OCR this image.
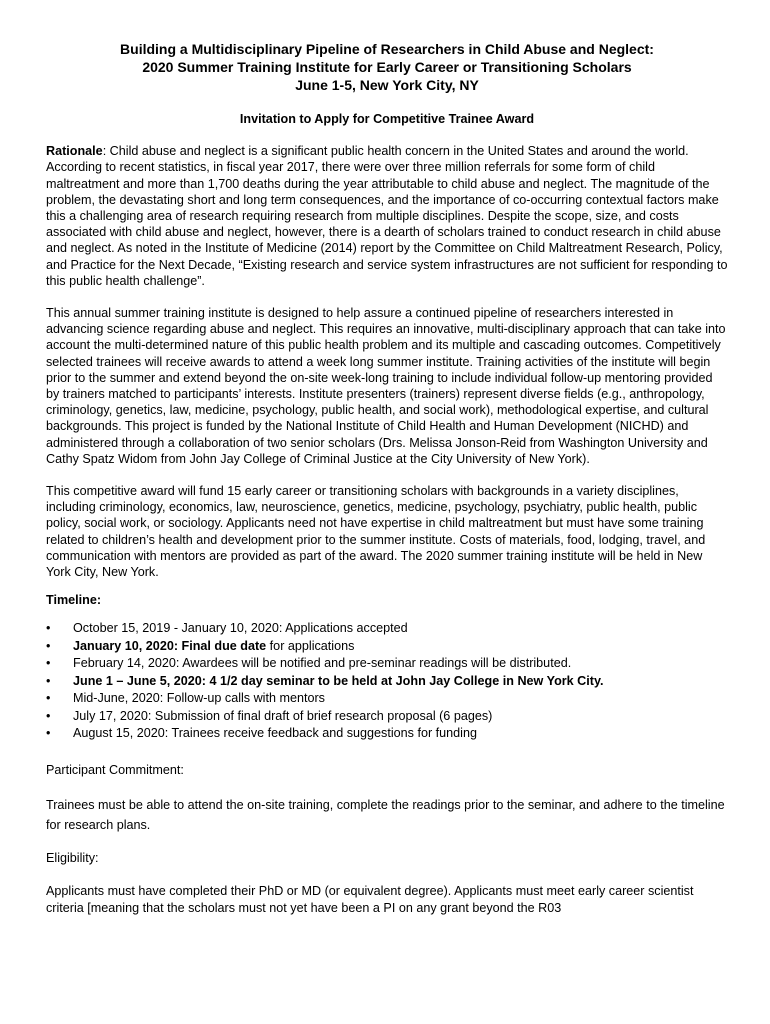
Building a Multidisciplinary Pipeline of Researchers in Child Abuse and Neglect:
2020 Summer Training Institute for Early Career or Transitioning Scholars
June 1-5, New York City, NY
Invitation to Apply for Competitive Trainee Award

Rationale: Child abuse and neglect is a significant public health concern in the United States and around the world. According to recent statistics, in fiscal year 2017, there were over three million referrals for some form of child maltreatment and more than 1,700 deaths during the year attributable to child abuse and neglect. The magnitude of the problem, the devastating short and long term consequences, and the importance of co-occurring contextual factors make this a challenging area of research requiring research from multiple disciplines. Despite the scope, size, and costs associated with child abuse and neglect, however, there is a dearth of scholars trained to conduct research in child abuse and neglect. As noted in the Institute of Medicine (2014) report by the Committee on Child Maltreatment Research, Policy, and Practice for the Next Decade, “Existing research and service system infrastructures are not sufficient for responding to this public health challenge”.

This annual summer training institute is designed to help assure a continued pipeline of researchers interested in advancing science regarding abuse and neglect. This requires an innovative, multi-disciplinary approach that can take into account the multi-determined nature of this public health problem and its multiple and cascading outcomes. Competitively selected trainees will receive awards to attend a week long summer institute. Training activities of the institute will begin prior to the summer and extend beyond the on-site week-long training to include individual follow-up mentoring provided by trainers matched to participants’ interests. Institute presenters (trainers) represent diverse fields (e.g., anthropology, criminology, genetics, law, medicine, psychology, public health, and social work), methodological expertise, and cultural backgrounds. This project is funded by the National Institute of Child Health and Human Development (NICHD) and administered through a collaboration of two senior scholars (Drs. Melissa Jonson-Reid from Washington University and Cathy Spatz Widom from John Jay College of Criminal Justice at the City University of New York).

This competitive award will fund 15 early career or transitioning scholars with backgrounds in a variety disciplines, including criminology, economics, law, neuroscience, genetics, medicine, psychology, psychiatry, public health, public policy, social work, or sociology. Applicants need not have expertise in child maltreatment but must have some training related to children’s health and development prior to the summer institute. Costs of materials, food, lodging, travel, and communication with mentors are provided as part of the award. The 2020 summer training institute will be held in New York City, New York.

Timeline:
• October 15, 2019 - January 10, 2020: Applications accepted
• January 10, 2020: Final due date for applications
• February 14, 2020: Awardees will be notified and pre-seminar readings will be distributed.
• June 1 – June 5, 2020: 4 1/2 day seminar to be held at John Jay College in New York City.
• Mid-June, 2020: Follow-up calls with mentors
• July 17, 2020: Submission of final draft of brief research proposal (6 pages)
• August 15, 2020: Trainees receive feedback and suggestions for funding
Participant Commitment:

Trainees must be able to attend the on-site training, complete the readings prior to the seminar, and adhere to the timeline for research plans.

Eligibility:

Applicants must have completed their PhD or MD (or equivalent degree). Applicants must meet early career scientist criteria [meaning that the scholars must not yet have been a PI on any grant beyond the R03
